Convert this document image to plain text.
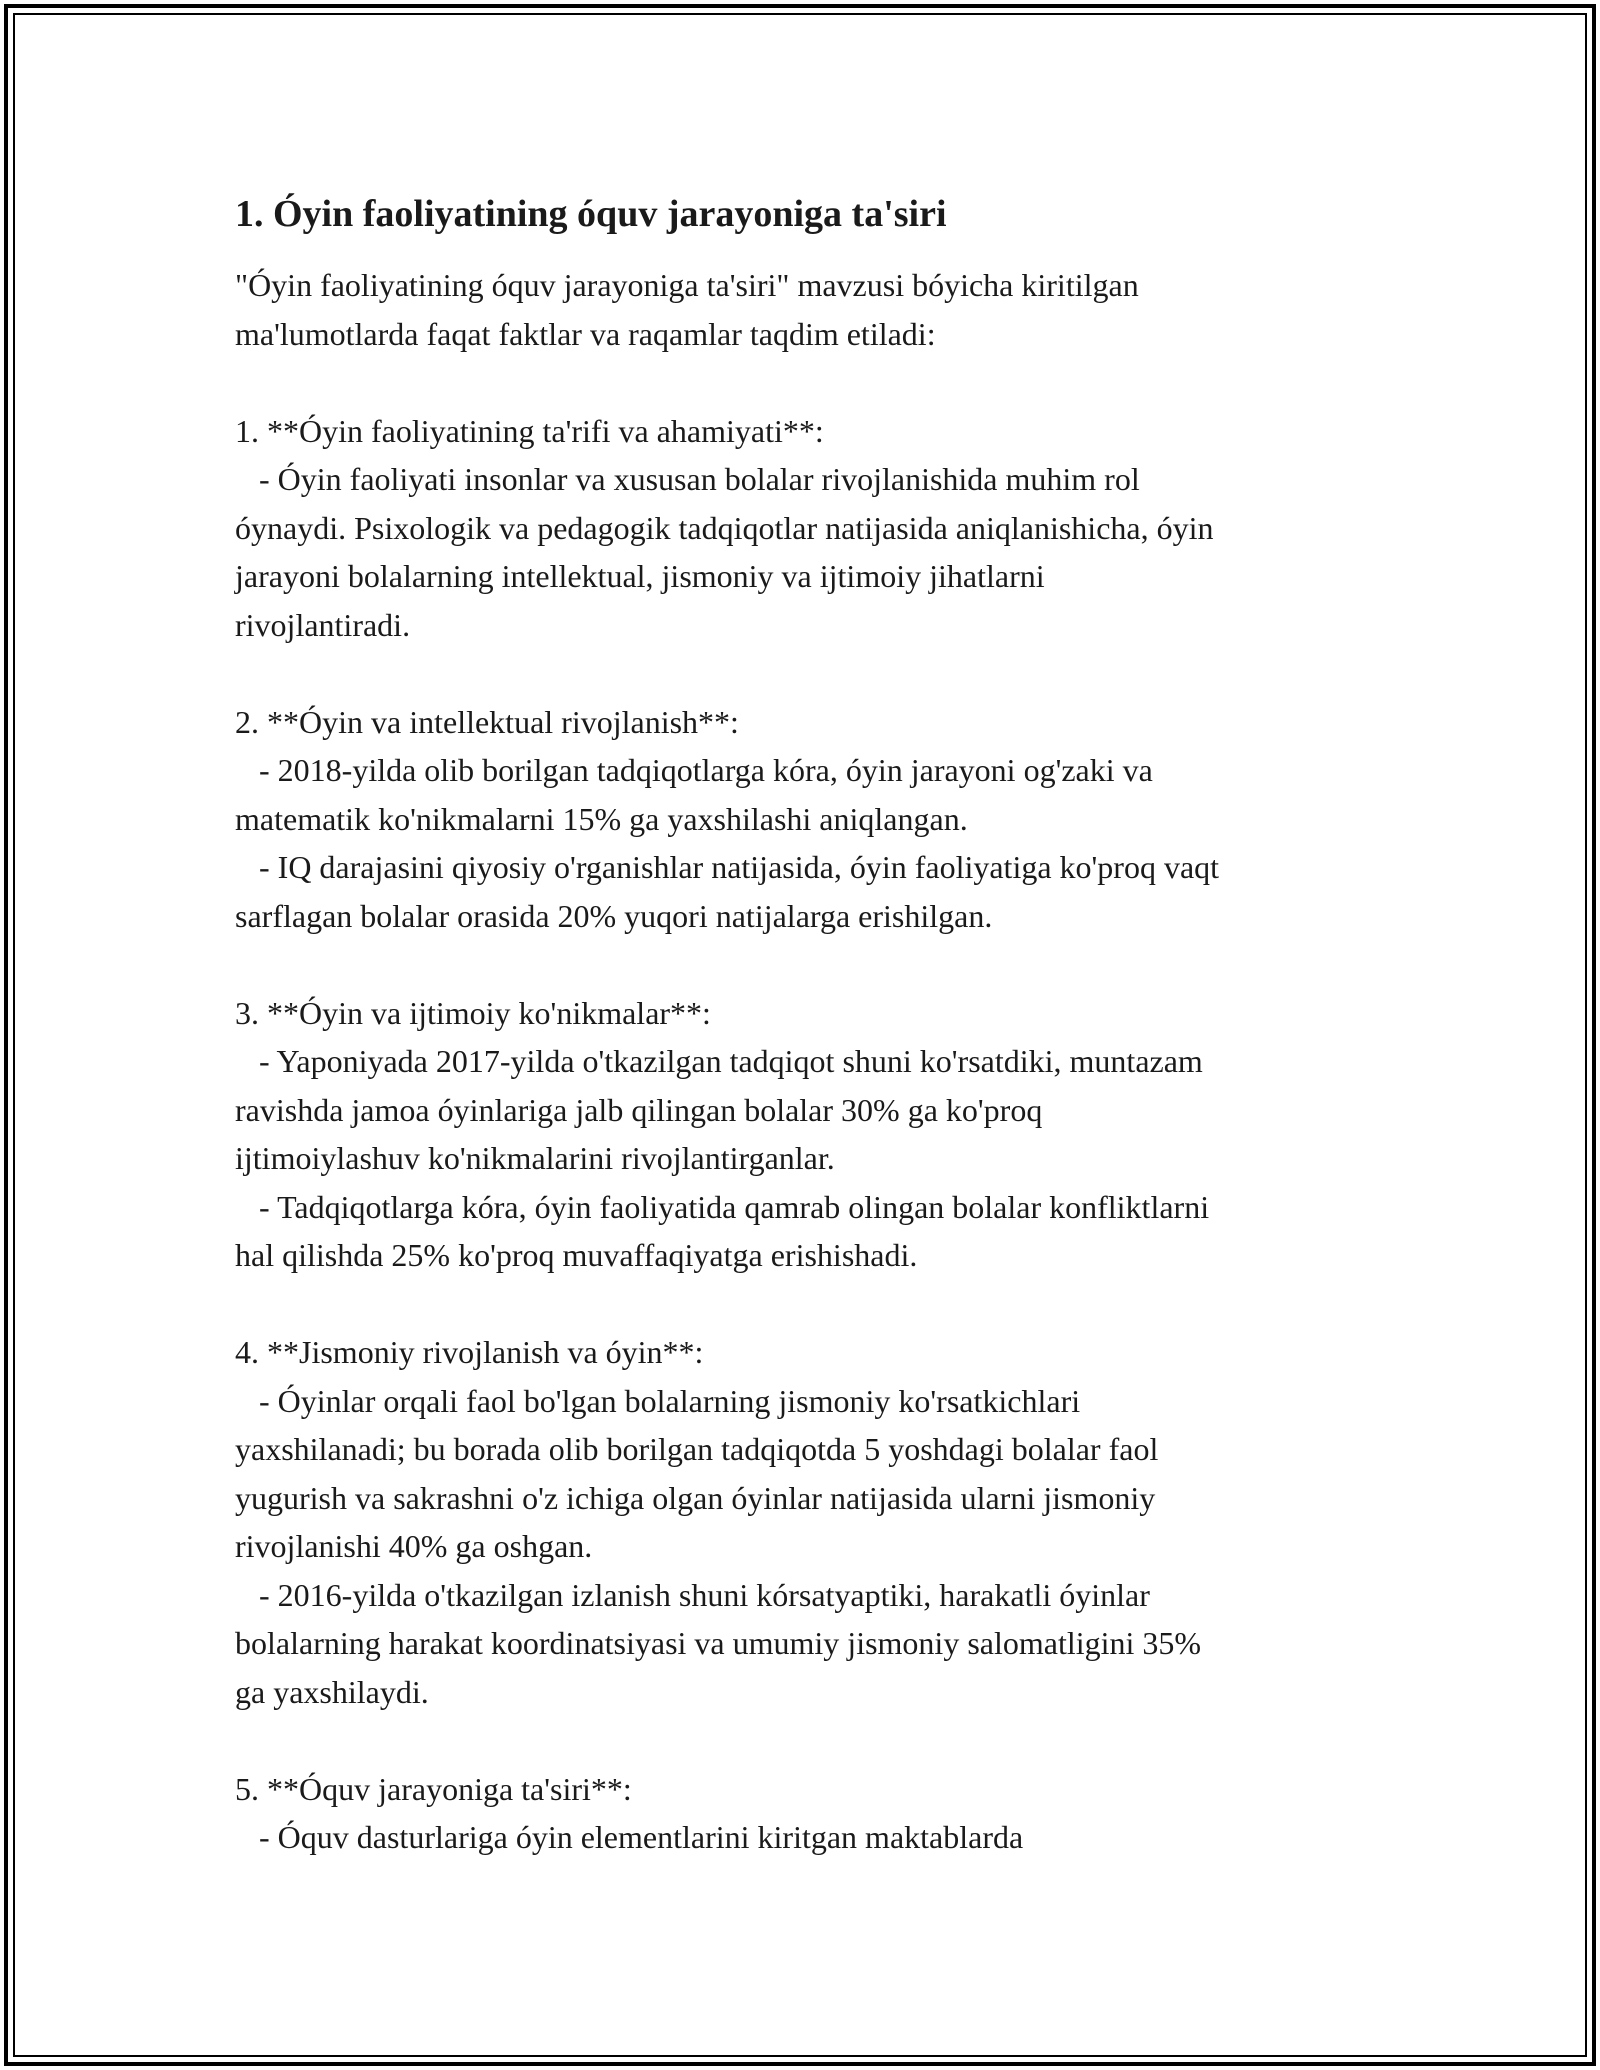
1. Óyin faoliyatining óquv jarayoniga ta'siri

"Óyin faoliyatining óquv jarayoniga ta'siri" mavzusi bóyicha kiritilgan
ma'lumotlarda faqat faktlar va raqamlar taqdim etiladi:

1. **Óyin faoliyatining ta'rifi va ahamiyati**:
- Óyin faoliyati insonlar va xususan bolalar rivojlanishida muhim rol
óynaydi. Psixologik va pedagogik tadqiqotlar natijasida aniqlanishicha, óyin
jarayoni bolalarning intellektual, jismoniy va ijtimoiy jihatlarni
rivojlantiradi.

2. **Óyin va intellektual rivojlanish**:
- 2018-yilda olib borilgan tadqiqotlarga kóra, óyin jarayoni og'zaki va
matematik ko'nikmalarni 15% ga yaxshilashi aniqlangan.
- IQ darajasini qiyosiy o'rganishlar natijasida, óyin faoliyatiga ko'proq vaqt
sarflagan bolalar orasida 20% yuqori natijalarga erishilgan.

3. **Óyin va ijtimoiy ko'nikmalar**:
- Yaponiyada 2017-yilda o'tkazilgan tadqiqot shuni ko'rsatdiki, muntazam
ravishda jamoa óyinlariga jalb qilingan bolalar 30% ga ko'proq
ijtimoiylashuv ko'nikmalarini rivojlantirganlar.
- Tadqiqotlarga kóra, óyin faoliyatida qamrab olingan bolalar konfliktlarni
hal qilishda 25% ko'proq muvaffaqiyatga erishishadi.

4. **Jismoniy rivojlanish va óyin**:
- Óyinlar orqali faol bo'lgan bolalarning jismoniy ko'rsatkichlari
yaxshilanadi; bu borada olib borilgan tadqiqotda 5 yoshdagi bolalar faol
yugurish va sakrashni o'z ichiga olgan óyinlar natijasida ularni jismoniy
rivojlanishi 40% ga oshgan.
- 2016-yilda o'tkazilgan izlanish shuni kórsatyaptiki, harakatli óyinlar
bolalarning harakat koordinatsiyasi va umumiy jismoniy salomatligini 35%
ga yaxshilaydi.

5. **Óquv jarayoniga ta'siri**:
- Óquv dasturlariga óyin elementlarini kiritgan maktablarda
